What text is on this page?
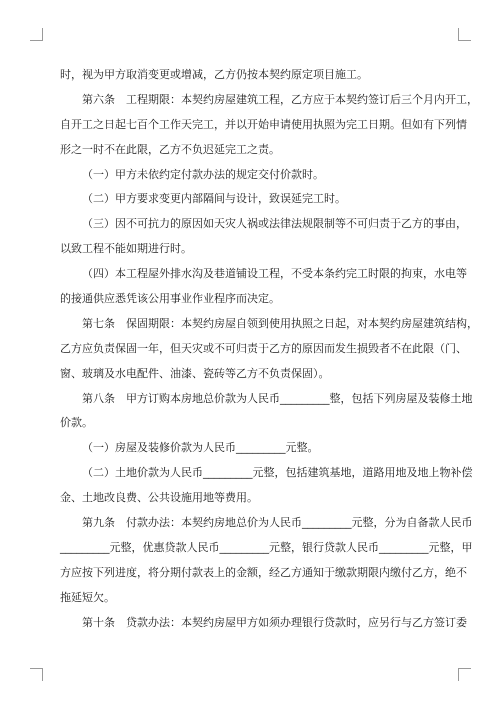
时，视为甲方取消变更或增减，乙方仍按本契约原定项目施工。
第六条　工程期限：本契约房屋建筑工程，乙方应于本契约签订后三个月内开工，
自开工之日起七百个工作天完工，并以开始申请使用执照为完工日期。但如有下列情
形之一时不在此限，乙方不负迟延完工之责。
（一）甲方未依约定付款办法的规定交付价款时。
（二）甲方要求变更内部隔间与设计，致误延完工时。
（三）因不可抗力的原因如天灾人祸或法律法规限制等不可归责于乙方的事由，
以致工程不能如期进行时。
（四）本工程屋外排水沟及巷道铺设工程，不受本条约完工时限的拘束，水电等
的接通供应悉凭该公用事业作业程序而决定。
第七条　保固期限：本契约房屋自领到使用执照之日起，对本契约房屋建筑结构，
乙方应负责保固一年，但天灾或不可归责于乙方的原因而发生损毁者不在此限（门、
窗、玻璃及水电配件、油漆、瓷砖等乙方不负责保固）。
第八条　甲方订购本房地总价款为人民币_________整，包括下列房屋及装修土地
价款。
（一）房屋及装修价款为人民币_________元整。
（二）土地价款为人民币_________元整，包括建筑基地，道路用地及地上物补偿
金、土地改良费、公共设施用地等费用。
第九条　付款办法：本契约房地总价为人民币_________元整，分为自备款人民币
_________元整，优惠贷款人民币_________元整，银行贷款人民币_________元整，甲
方应按下列进度，将分期付款表上的金额，经乙方通知于缴款期限内缴付乙方，绝不
拖延短欠。
第十条　贷款办法：本契约房屋甲方如须办理银行贷款时，应另行与乙方签订委
